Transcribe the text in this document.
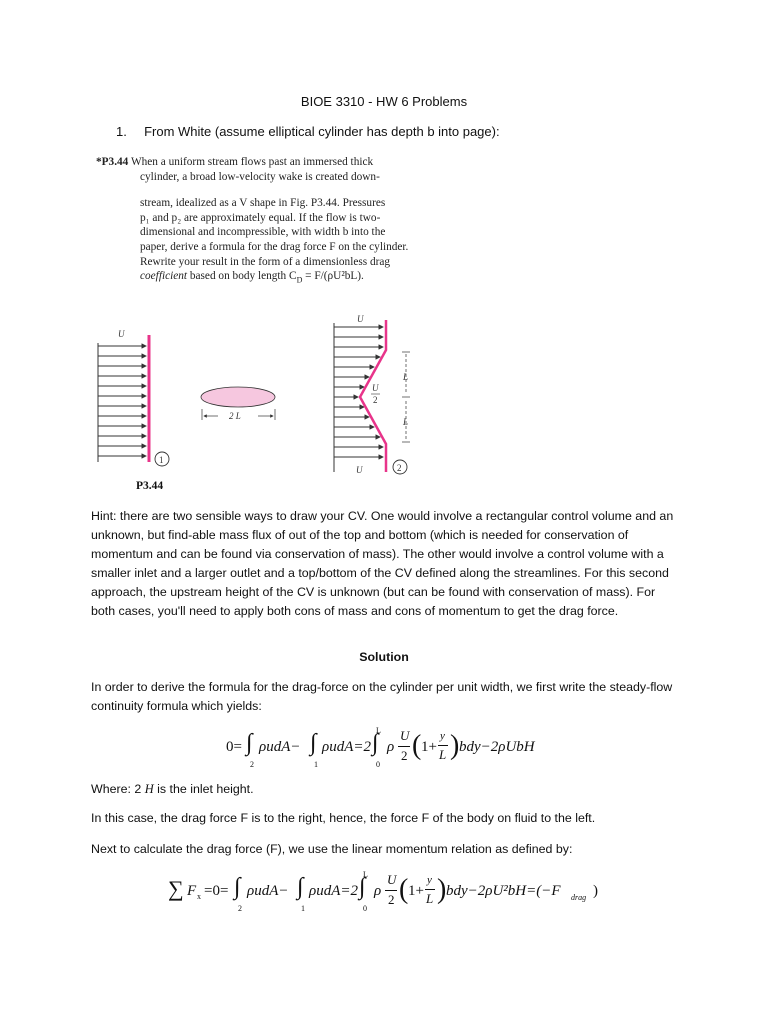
BIOE 3310 - HW 6 Problems
1. From White (assume elliptical cylinder has depth b into page):
*P3.44 When a uniform stream flows past an immersed thick
cylinder, a broad low-velocity wake is created down-
stream, idealized as a V shape in Fig. P3.44. Pressures
p₁ and p₂ are approximately equal. If the flow is two-
dimensional and incompressible, with width b into the
paper, derive a formula for the drag force F on the cylinder.
Rewrite your result in the form of a dimensionless drag
coefficient based on body length $C_D = F/(\rho U^2bL)$.
U
1
2 L
L
L
U
U
U
2
2
P3.44
Hint: there are two sensible ways to draw your CV. One would involve a rectangular control volume and an unknown, but find-able mass flux of out of the top and bottom (which is needed for conservation of momentum and can be found via conservation of mass). The other would involve a control volume with a smaller inlet and a larger outlet and a top/bottom of the CV defined along the streamlines. For this second approach, the upstream height of the CV is unknown (but can be found with conservation of mass). For both cases, you'll need to apply both cons of mass and cons of momentum to get the drag force.
Solution
In order to derive the formula for the drag-force on the cylinder per unit width, we first write the steady-flow continuity formula which yields:
0= ∫
2
ρudA− ∫
1
ρudA=2
L
∫
0
ρ
U
2 ( 1+
y
L ) bdy−2ρUbH
Where: 2 H is the inlet height.
In this case, the drag force F is to the right, hence, the force F of the body on fluid to the left.
Next to calculate the drag force (F), we use the linear momentum relation as defined by:
∑ F x =0= ∫
2
ρudA− ∫
1
ρudA=2
L
∫
0
ρ
U
2 ( 1+
y
L ) bdy−2ρU²bH=(−F drag )
